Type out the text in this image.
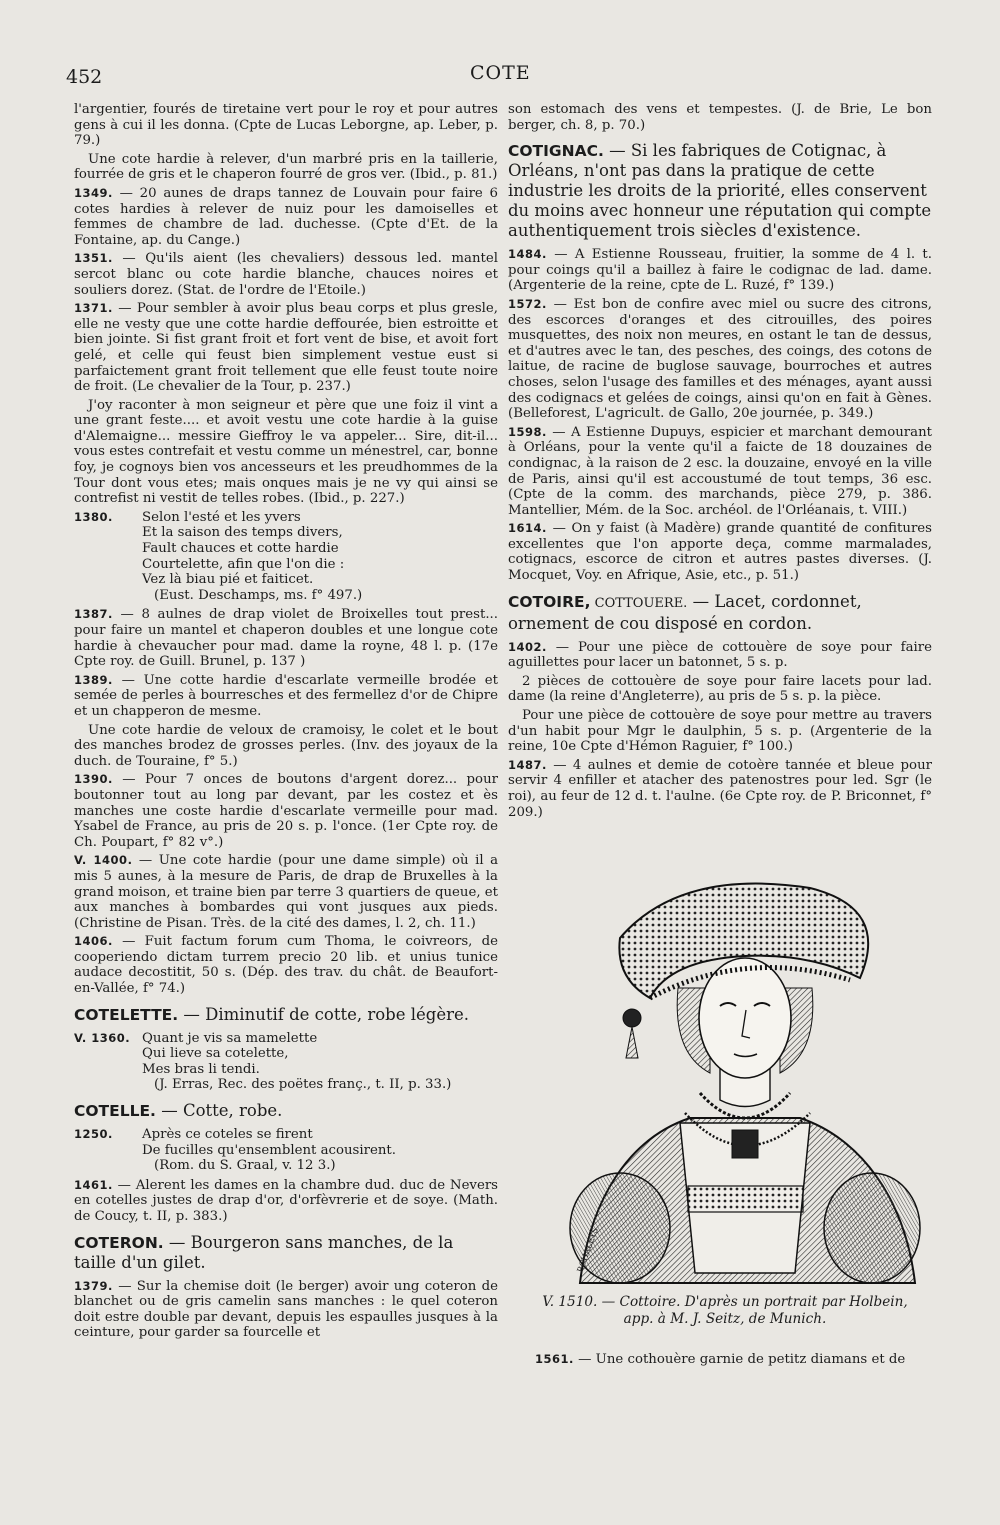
452	COTE

l'argentier, fourés de tiretaine vert pour le roy et pour autres gens à cui il les donna. (Cpte de Lucas Leborgne, ap. Leber, p. 79.)

Une cote hardie à relever, d'un marbré pris en la taillerie, fourrée de gris et le chaperon fourré de gros ver. (Ibid., p. 81.)

1349. — 20 aunes de draps tannez de Louvain pour faire 6 cotes hardies à relever de nuiz pour les damoiselles et femmes de chambre de lad. duchesse. (Cpte d'Et. de la Fontaine, ap. du Cange.)

1351. — Qu'ils aient (les chevaliers) dessous led. mantel sercot blanc ou cote hardie blanche, chauces noires et souliers dorez. (Stat. de l'ordre de l'Etoile.)

1371. — Pour sembler à avoir plus beau corps et plus gresle, elle ne vesty que une cotte hardie deffourée, bien estroitte et bien jointe. Si fist grant froit et fort vent de bise, et avoit fort gelé, et celle qui feust bien simplement vestue eust si parfaictement grant froit tellement que elle feust toute noire de froit. (Le chevalier de la Tour, p. 237.)

J'oy raconter à mon seigneur et père que une foiz il vint a une grant feste.... et avoit vestu une cote hardie à la guise d'Alemaigne... messire Gieffroy le va appeler... Sire, dit-il... vous estes contrefait et vestu comme un ménestrel, car, bonne foy, je cognoys bien vos ancesseurs et les preudhommes de la Tour dont vous etes; mais onques mais je ne vy qui ainsi se contrefist ni vestit de telles robes. (Ibid., p. 227.)

1380.	Selon l'esté et les yvers
Et la saison des temps divers,
Fault chauces et cotte hardie
Courtelette, afin que l'on die :
Vez là biau pié et faiticet.
(Eust. Deschamps, ms. f° 497.)

1387. — 8 aulnes de drap violet de Broixelles tout prest... pour faire un mantel et chaperon doubles et une longue cote hardie à chevaucher pour mad. dame la royne, 48 l. p. (17e Cpte roy. de Guill. Brunel, p. 137 )

1389. — Une cotte hardie d'escarlate vermeille brodée et semée de perles à bourresches et des fermellez d'or de Chipre et un chapperon de mesme.

Une cote hardie de veloux de cramoisy, le colet et le bout des manches brodez de grosses perles. (Inv. des joyaux de la duch. de Touraine, f° 5.)

1390. — Pour 7 onces de boutons d'argent dorez... pour boutonner tout au long par devant, par les costez et ès manches une coste hardie d'escarlate vermeille pour mad. Ysabel de France, au pris de 20 s. p. l'once. (1er Cpte roy. de Ch. Poupart, f° 82 v°.)

V. 1400. — Une cote hardie (pour une dame simple) où il a mis 5 aunes, à la mesure de Paris, de drap de Bruxelles à la grand moison, et traine bien par terre 3 quartiers de queue, et aux manches à bombardes qui vont jusques aux pieds. (Christine de Pisan. Très. de la cité des dames, l. 2, ch. 11.)

1406. — Fuit factum forum cum Thoma, le coivreors, de cooperiendo dictam turrem precio 20 lib. et unius tunice audace decostitit, 50 s. (Dép. des trav. du chât. de Beaufort-en-Vallée, f° 74.)

COTELETTE. — Diminutif de cotte, robe légère.
V. 1360. Quant je vis sa mamelette
Qui lieve sa cotelette,
Mes bras li tendi.
(J. Erras, Rec. des poëtes franç., t. II, p. 33.)
COTELLE. — Cotte, robe.
1250.	Après ce coteles se firent
De fucilles qu'ensemblent acousirent.
(Rom. du S. Graal, v. 12 3.)

1461. — Alerent les dames en la chambre dud. duc de Nevers en cotelles justes de drap d'or, d'orfèvrerie et de soye. (Math. de Coucy, t. II, p. 383.)

COTERON. — Bourgeron sans manches, de la taille d'un gilet.

1379. — Sur la chemise doit (le berger) avoir ung coteron de blanchet ou de gris camelin sans manches : le quel coteron doit estre double par devant, depuis les espaulles jusques à la ceinture, pour garder sa fourcelle et

son estomach des vens et tempestes. (J. de Brie, Le bon berger, ch. 8, p. 70.)

COTIGNAC. — Si les fabriques de Cotignac, à Orléans, n'ont pas dans la pratique de cette industrie les droits de la priorité, elles conservent du moins avec honneur une réputation qui compte authentiquement trois siècles d'existence.

1484. — A Estienne Rousseau, fruitier, la somme de 4 l. t. pour coings qu'il a baillez à faire le codignac de lad. dame. (Argenterie de la reine, cpte de L. Ruzé, f° 139.)

1572. — Est bon de confire avec miel ou sucre des citrons, des escorces d'oranges et des citrouilles, des poires musquettes, des noix non meures, en ostant le tan de dessus, et d'autres avec le tan, des pesches, des coings, des cotons de laitue, de racine de buglose sauvage, bourroches et autres choses, selon l'usage des familles et des ménages, ayant aussi des codignacs et gelées de coings, ainsi qu'on en fait à Gènes. (Belleforest, L'agricult. de Gallo, 20e journée, p. 349.)

1598. — A Estienne Dupuys, espicier et marchant demourant à Orléans, pour la vente qu'il a faicte de 18 douzaines de condignac, à la raison de 2 esc. la douzaine, envoyé en la ville de Paris, ainsi qu'il est accoustumé de tout temps, 36 esc. (Cpte de la comm. des marchands, pièce 279, p. 386. Mantellier, Mém. de la Soc. archéol. de l'Orléanais, t. VIII.)

1614. — On y faist (à Madère) grande quantité de confitures excellentes que l'on apporte deça, comme marmalades, cotignacs, escorce de citron et autres pastes diverses. (J. Mocquet, Voy. en Afrique, Asie, etc., p. 51.)

COTOIRE, COTTOUERE. — Lacet, cordonnet, ornement de cou disposé en cordon.

1402. — Pour une pièce de cottouère de soye pour faire aguillettes pour lacer un batonnet, 5 s. p.

2 pièces de cottouère de soye pour faire lacets pour lad. dame (la reine d'Angleterre), au pris de 5 s. p. la pièce.

Pour une pièce de cottouère de soye pour mettre au travers d'un habit pour Mgr le daulphin, 5 s. p. (Argenterie de la reine, 10e Cpte d'Hémon Raguier, f° 100.)

1487. — 4 aulnes et demie de cotoère tannée et bleue pour servir 4 enfiller et atacher des patenostres pour led. Sgr (le roi), au feur de 12 d. t. l'aulne. (6e Cpte roy. de P. Briconnet, f° 209.)

P.CHALEYS
V. 1510. — Cottoire. D'après un portrait par Holbein,
app. à M. J. Seitz, de Munich.

1561. — Une cothouère garnie de petitz diamans et de
